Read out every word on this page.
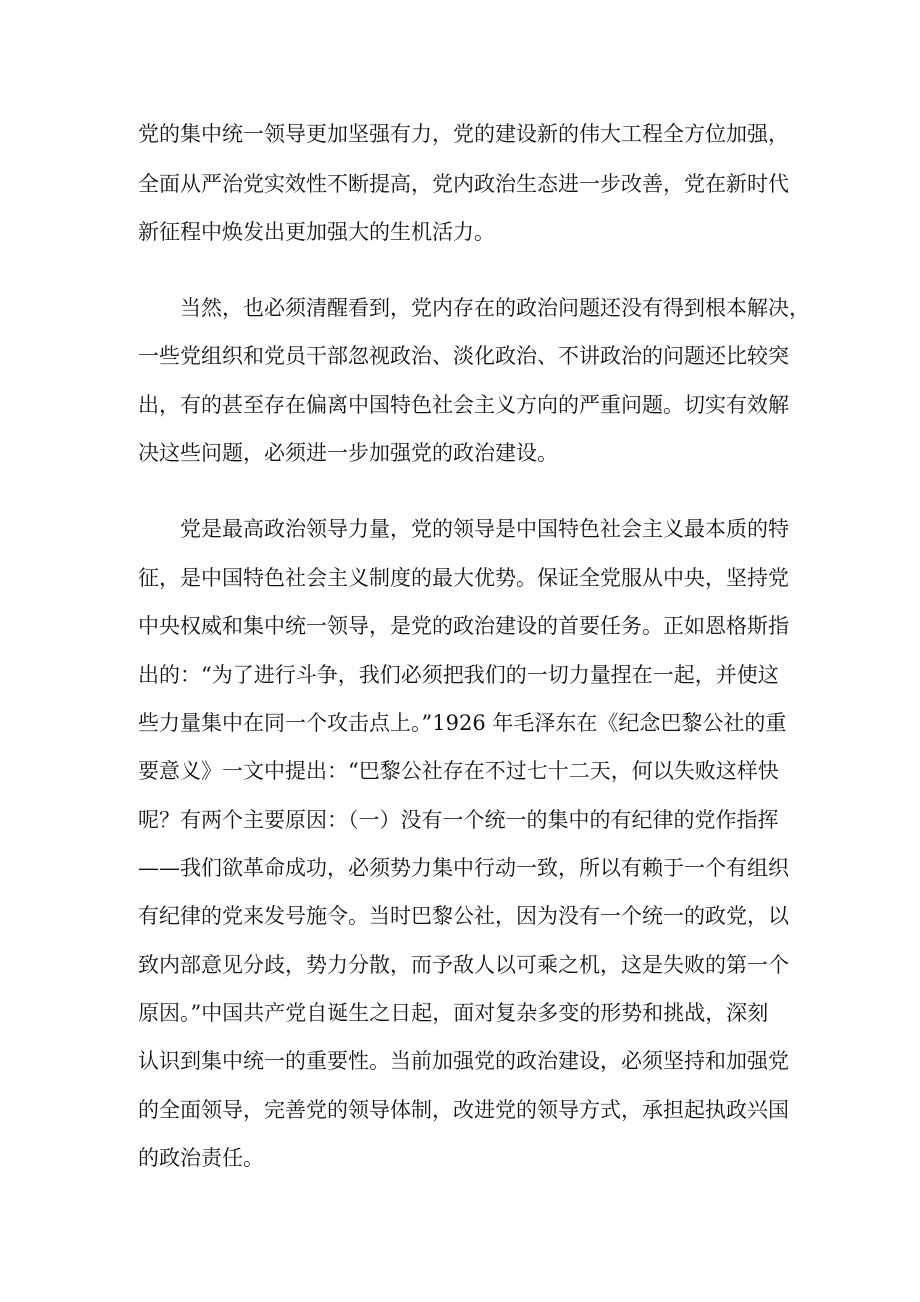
党的集中统一领导更加坚强有力，党的建设新的伟大工程全方位加强，

全面从严治党实效性不断提高，党内政治生态进一步改善，党在新时代

新征程中焕发出更加强大的生机活力。

当然，也必须清醒看到，党内存在的政治问题还没有得到根本解决，

一些党组织和党员干部忽视政治、淡化政治、不讲政治的问题还比较突

出，有的甚至存在偏离中国特色社会主义方向的严重问题。切实有效解

决这些问题，必须进一步加强党的政治建设。

党是最高政治领导力量，党的领导是中国特色社会主义最本质的特

征，是中国特色社会主义制度的最大优势。保证全党服从中央，坚持党

中央权威和集中统一领导，是党的政治建设的首要任务。正如恩格斯指

出的：“为了进行斗争，我们必须把我们的一切力量捏在一起，并使这

些力量集中在同一个攻击点上。”1926 年毛泽东在《纪念巴黎公社的重

要意义》一文中提出：“巴黎公社存在不过七十二天，何以失败这样快

呢？有两个主要原因：（一）没有一个统一的集中的有纪律的党作指挥

——我们欲革命成功，必须势力集中行动一致，所以有赖于一个有组织

有纪律的党来发号施令。当时巴黎公社，因为没有一个统一的政党，以

致内部意见分歧，势力分散，而予敌人以可乘之机，这是失败的第一个

原因。”中国共产党自诞生之日起，面对复杂多变的形势和挑战，深刻

认识到集中统一的重要性。当前加强党的政治建设，必须坚持和加强党

的全面领导，完善党的领导体制，改进党的领导方式，承担起执政兴国

的政治责任。
